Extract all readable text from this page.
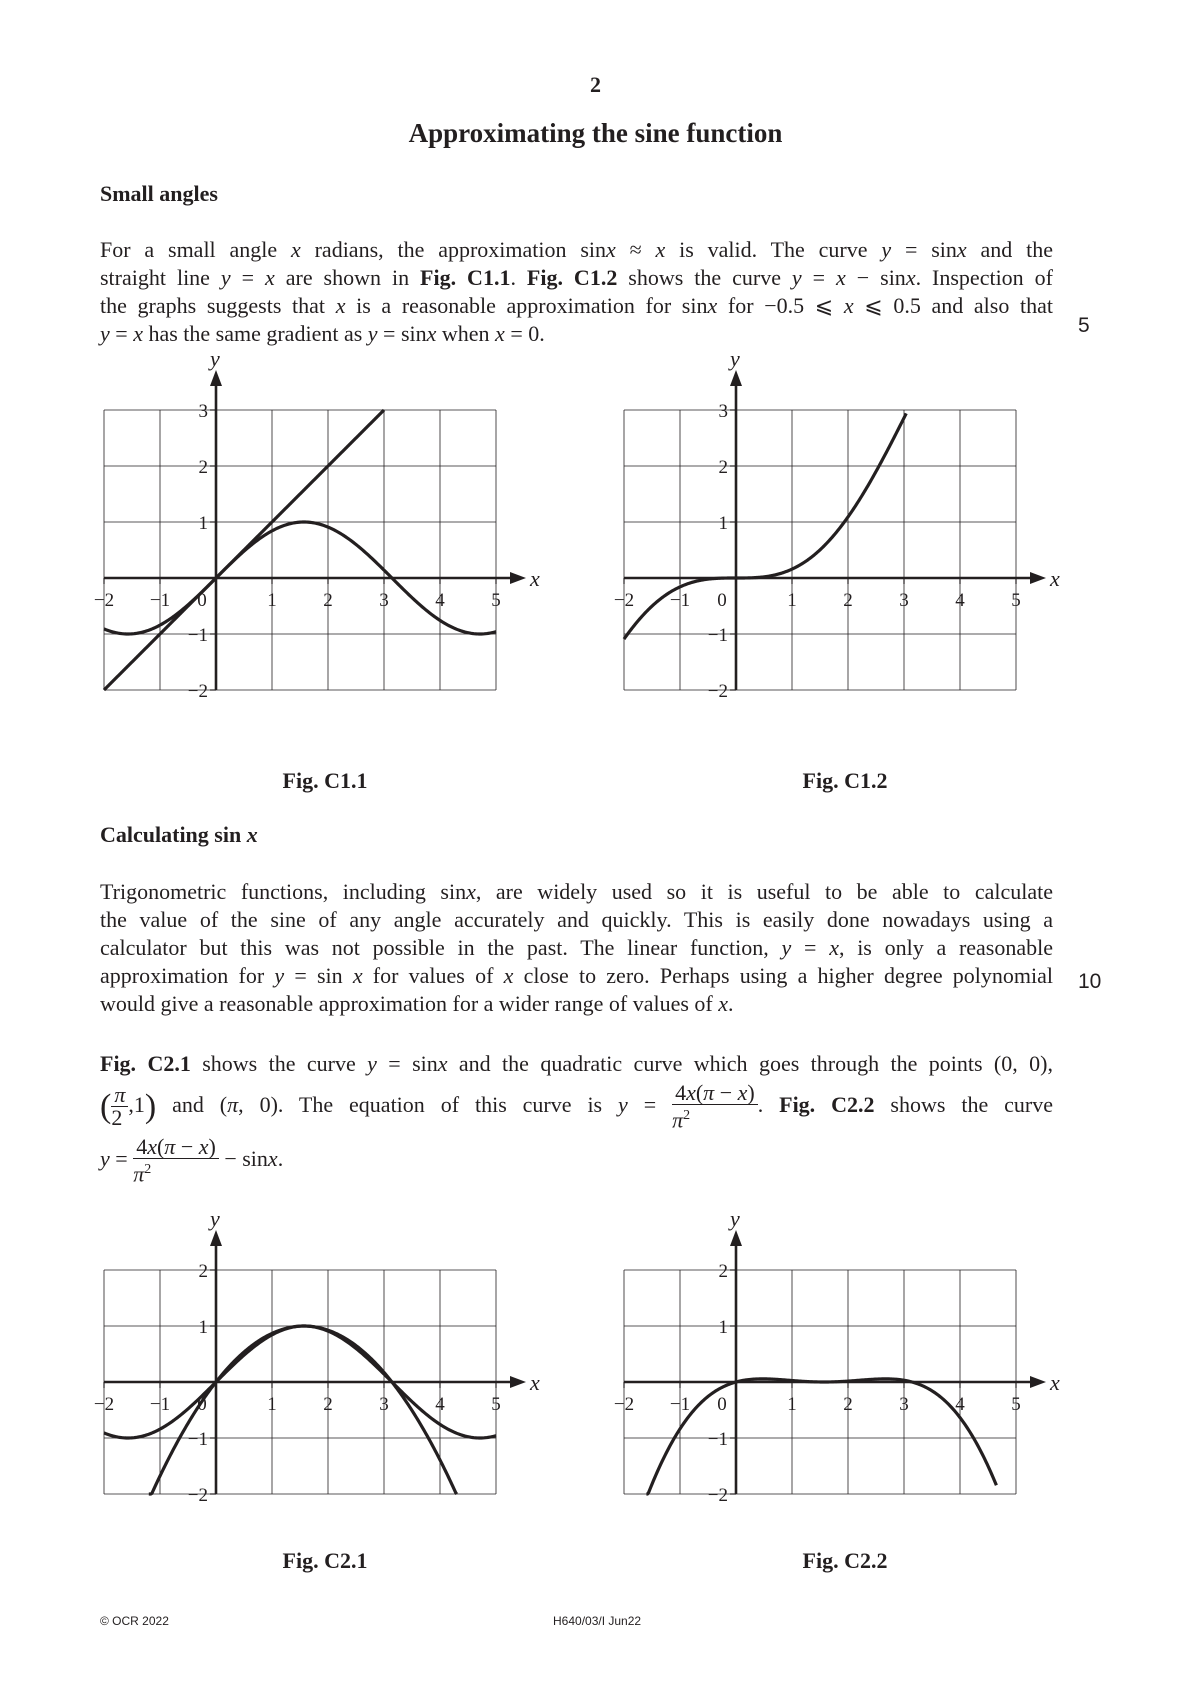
2
Approximating the sine function
Small angles
For a small angle x radians, the approximation sinx ≈ x is valid. The curve y = sinx and the
straight line y = x are shown in Fig. C1.1. Fig. C1.2 shows the curve y = x − sinx. Inspection of
the graphs suggests that x is a reasonable approximation for sinx for −0.5 ⩽ x ⩽ 0.5 and also that
y = x has the same gradient as y = sinx when x = 0.	5
x
y
−2 −1 0	1 2 3 4 5
−2
−1
1
2
3
x
y
−2 −1 0	1 2 3 4 5
−2
−1
1
2
3
Fig. C1.1	Fig. C1.2
Calculating sin x
Trigonometric functions, including sinx, are widely used so it is useful to be able to calculate
the value of the sine of any angle accurately and quickly. This is easily done nowadays using a
calculator but this was not possible in the past. The linear function, y = x, is only a reasonable
approximation for y = sin x for values of x close to zero. Perhaps using a higher degree polynomial
would give a reasonable approximation for a wider range of values of x.
10
Fig. C2.1 shows the curve y = sinx and the quadratic curve which goes through the points (0, 0),
( $\frac{\pi}{2} ,1$) and (π, 0). The equation of this curve is $y = \frac{4x(\pi - x)}{\pi^2}$ . Fig. C2.2 shows the curve
$y = \frac{4x(\pi - x)}{\pi^2} - \sin x$.
x
y
−2 −1 0	1 2 3 4 5
−2
−1
1
2
x
y
−2 −1 0	1 2 3 4 5
−2
−1
1
2
Fig. C2.1	Fig. C2.2
© OCR 2022	H640/03/I Jun22
